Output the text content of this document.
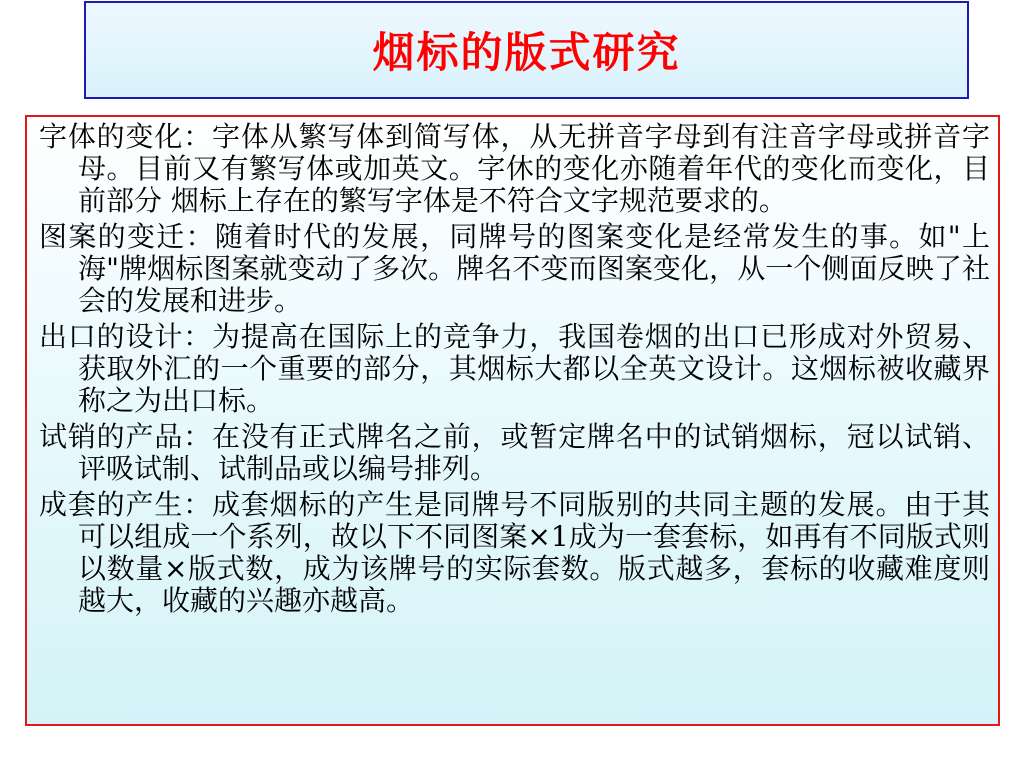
烟标的版式研究

字体的变化：字体从繁写体到简写体，从无拼音字母到有注音字母或拼音字母。目前又有繁写体或加英文。字休的变化亦随着年代的变化而变化，目前部分 烟标上存在的繁写字体是不符合文字规范要求的。

图案的变迁：随着时代的发展，同牌号的图案变化是经常发生的事。如"上海"牌烟标图案就变动了多次。牌名不变而图案变化，从一个侧面反映了社会的发展和进步。

出口的设计：为提高在国际上的竞争力，我国卷烟的出口已形成对外贸易、获取外汇的一个重要的部分，其烟标大都以全英文设计。这烟标被收藏界称之为出口标。

试销的产品：在没有正式牌名之前，或暂定牌名中的试销烟标，冠以试销、评吸试制、试制品或以编号排列。

成套的产生：成套烟标的产生是同牌号不同版别的共同主题的发展。由于其可以组成一个系列，故以下不同图案×1成为一套套标，如再有不同版式则以数量×版式数，成为该牌号的实际套数。版式越多，套标的收藏难度则越大，收藏的兴趣亦越高。
